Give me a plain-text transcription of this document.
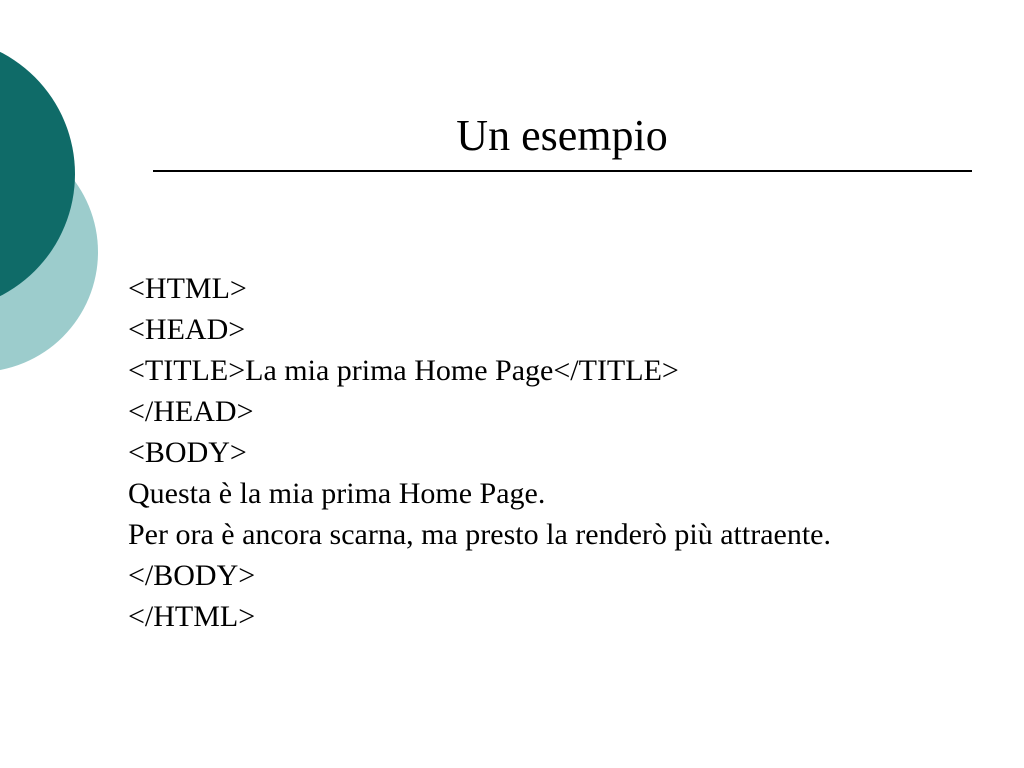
Un esempio
<HTML>
<HEAD>
<TITLE>La mia prima Home Page</TITLE>
</HEAD>
<BODY>
Questa è la mia prima Home Page.
Per ora è ancora scarna, ma presto la renderò più attraente.
</BODY>
</HTML>
